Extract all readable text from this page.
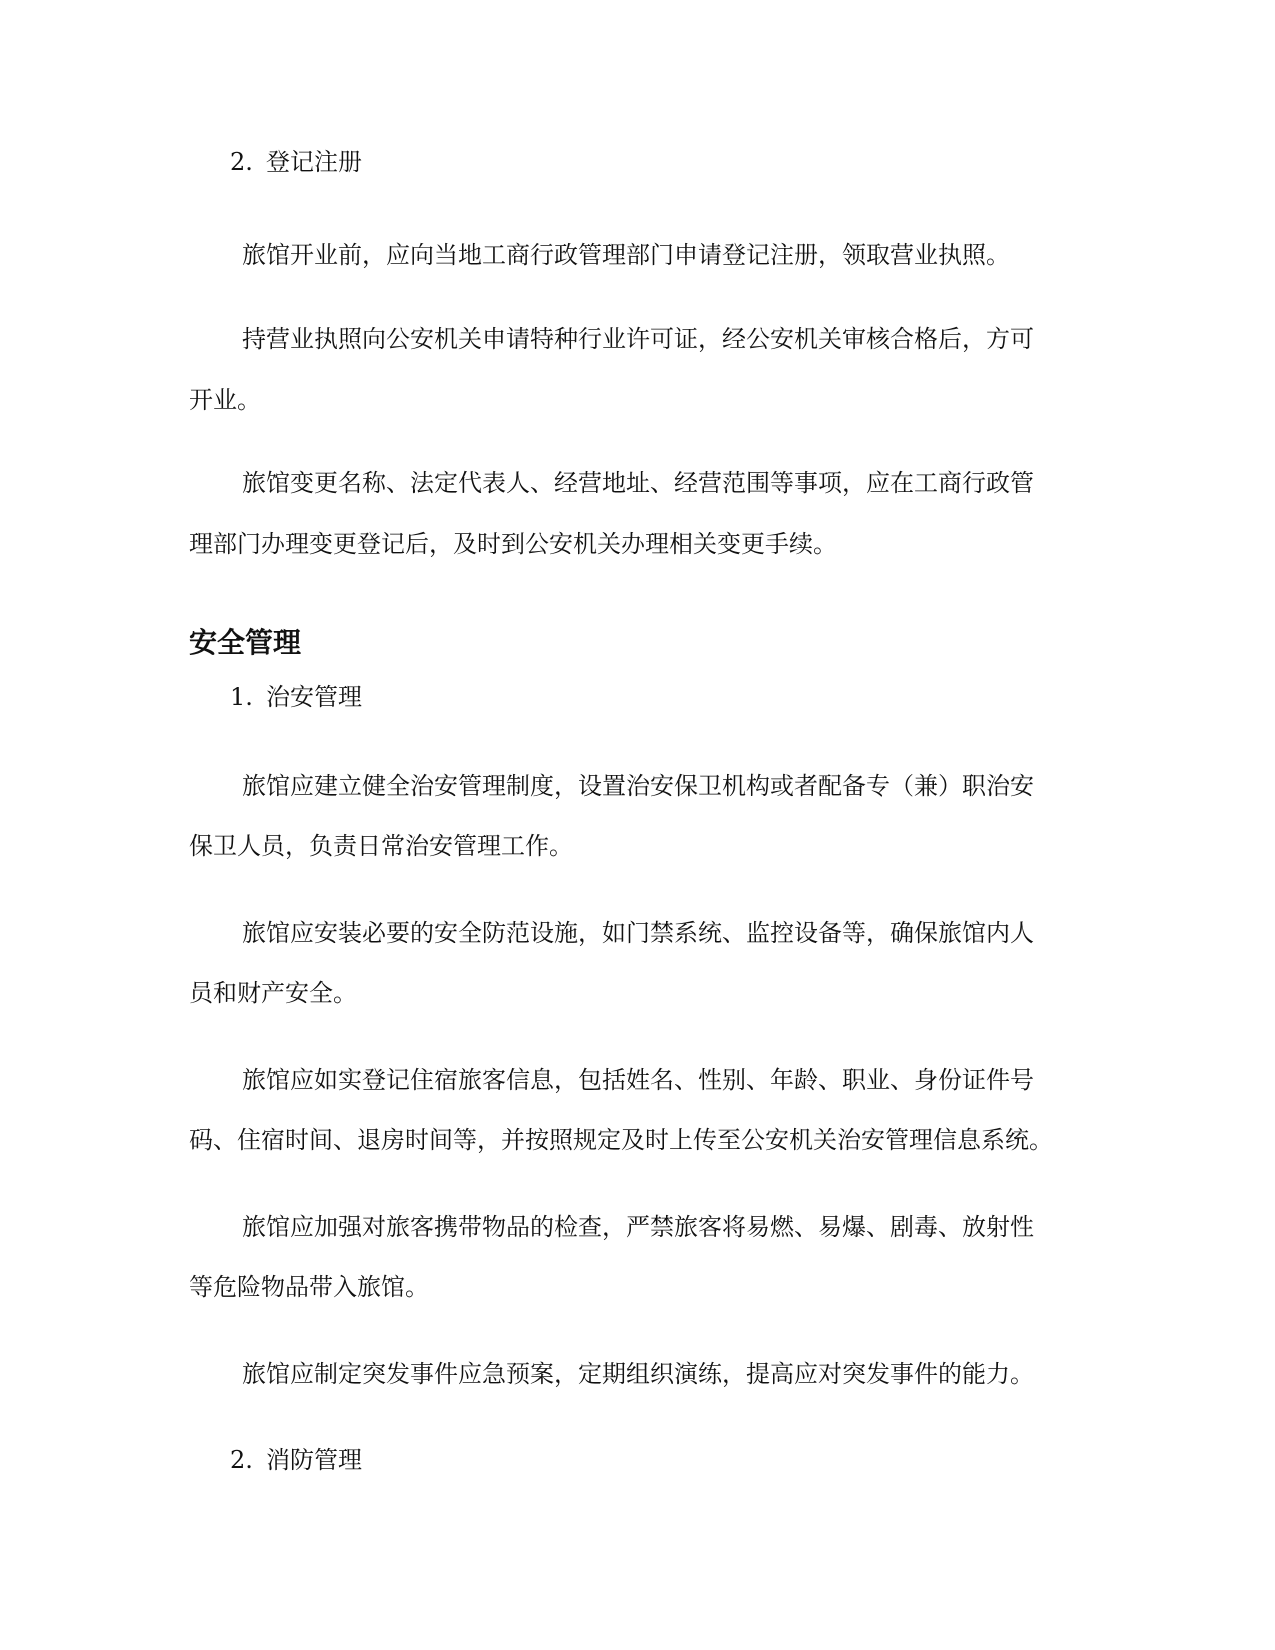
2. 登记注册

旅馆开业前，应向当地工商行政管理部门申请登记注册，领取营业执照。

持营业执照向公安机关申请特种行业许可证，经公安机关审核合格后，方可

开业。

旅馆变更名称、法定代表人、经营地址、经营范围等事项，应在工商行政管

理部门办理变更登记后，及时到公安机关办理相关变更手续。

安全管理

1. 治安管理

旅馆应建立健全治安管理制度，设置治安保卫机构或者配备专（兼）职治安

保卫人员，负责日常治安管理工作。

旅馆应安装必要的安全防范设施，如门禁系统、监控设备等，确保旅馆内人

员和财产安全。

旅馆应如实登记住宿旅客信息，包括姓名、性别、年龄、职业、身份证件号

码、住宿时间、退房时间等，并按照规定及时上传至公安机关治安管理信息系统。

旅馆应加强对旅客携带物品的检查，严禁旅客将易燃、易爆、剧毒、放射性

等危险物品带入旅馆。

旅馆应制定突发事件应急预案，定期组织演练，提高应对突发事件的能力。

2. 消防管理
